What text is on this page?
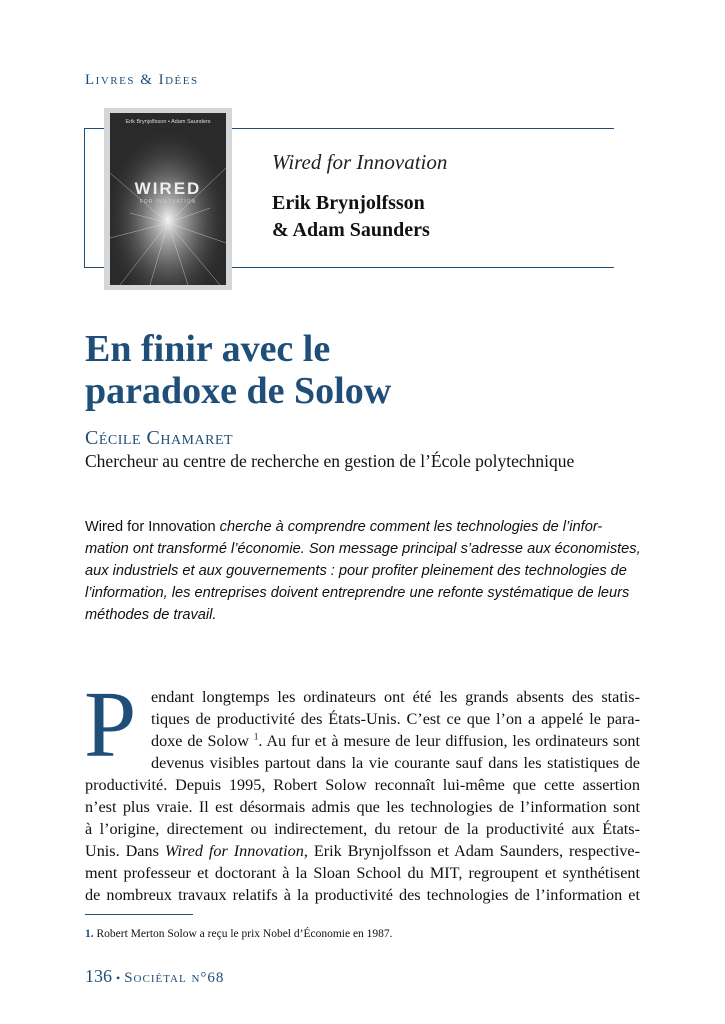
Livres & Idées
Erik Brynjolfsson • Adam Saunders
WIRED
FOR INNOVATION
Wired for Innovation
Erik Brynjolfsson
& Adam Saunders
En finir avec le
paradoxe de Solow
Cécile Chamaret
Chercheur au centre de recherche en gestion de l’École polytechnique

Wired for Innovation cherche à comprendre comment les technologies de l’infor-
mation ont transformé l’économie. Son message principal s’adresse aux économistes,
aux industriels et aux gouvernements : pour profiter pleinement des technologies de
l’information, les entreprises doivent entreprendre une refonte systématique de leurs
méthodes de travail.

P endant longtemps les ordinateurs ont été les grands absents des statis-
tiques de productivité des États-Unis. C’est ce que l’on a appelé le para-
doxe de Solow $^1$. Au fur et à mesure de leur diffusion, les ordinateurs sont
devenus visibles partout dans la vie courante sauf dans les statistiques de
productivité. Depuis 1995, Robert Solow reconnaît lui-même que cette assertion
n’est plus vraie. Il est désormais admis que les technologies de l’information sont
à l’origine, directement ou indirectement, du retour de la productivité aux États-
Unis. Dans Wired for Innovation, Erik Brynjolfsson et Adam Saunders, respective-
ment professeur et doctorant à la Sloan School du MIT, regroupent et synthétisent
de nombreux travaux relatifs à la productivité des technologies de l’information et
1. Robert Merton Solow a reçu le prix Nobel d’Économie en 1987.
136 • Sociétal n°68
